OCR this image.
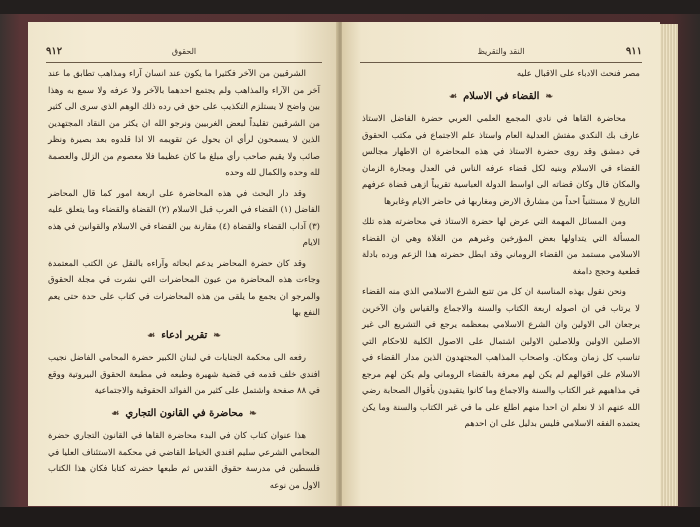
٩١٢	الحقوق

الشرقيين من الآخر فكثيرا ما يكون عند انسان آراء ومذاهب تطابق ما عند آخر من الآراء والمذاهب ولم يجتمع احدهما بالآخر ولا عرفه ولا سمع به وهذا بين واضح لا يستلزم التكذيب على حق في رده ذلك الوهم الذي سرى الى كثير من الشرقيين تقليداً لبعض الغربيين ونرجو الله ان يكثر من النقاد المجتهدين الذين لا يسمحون لرأي ان يحول عن تقويمه الا اذا قلدوه بعد بصيرة ونظر صائب ولا يقيم صاحب رأي مبلغ ما كان عظيما فلا معصوم من الزلل والعصمة لله وحده والكمال لله وحده

وقد دار البحث في هذه المحاضرة على اربعة امور كما قال المحاضر الفاضل (١) القضاء في العرب قبل الاسلام (٢) القضاة والقضاء وما يتعلق عليه (٣) آداب القضاء والقضاة (٤) مقارنة بين القضاء في الاسلام والقوانين في هذه الايام

وقد كان حضرة المحاضر يدعم ابحاثه وآراءه بالنقل عن الكتب المعتمدة وجاءت هذه المحاضرة من عيون المحاضرات التي نشرت في مجلة الحقوق والمرجو ان يجمع ما يلقى من هذه المحاضرات في كتاب على حدة حتى يعم النفع بها

❧تقرير ادعاء☙

رفعه الى محكمة الجنايات في لبنان الكبير حضرة المحامي الفاضل نجيب افندي خلف قدمه في قضية شهيرة وطبعه في مطبعة الحقوق البيروتية ووقع في ٨٨ صفحة واشتمل على كثير من الفوائد الحقوقية والاجتماعية

❧محاضرة في القانون التجاري☙

هذا عنوان كتاب كان في البدء محاضرة القاها في القانون التجاري حضرة المحامي الشرعي سليم افندي الخياط القاضي في محكمة الاستئناف العليا في فلسطين في مدرسة حقوق القدس ثم طبعها حضرته كتابا فكان هذا الكتاب الاول من نوعه

٩١١
النقد والتقريظ

مصر فنحث الادباء على الاقبال عليه

❧القضاء في الاسلام☙

محاضرة القاها في نادي المجمع العلمي العربي حضرة الفاضل الاستاذ عارف بك النكدي مفتش العدلية العام واستاذ علم الاجتماع في مكتب الحقوق في دمشق وقد روى حضرة الاستاذ في هذه المحاضرة ان الاطهار مجالس القضاء في الاسلام وبنيه لكل قضاء عرفه الناس في العدل ومجارة الزمان والمكان قال وكان قضاته الى اواسط الدولة العباسية تقريباً ازهى قضاة عرفهم التاريخ لا مستثنياً احداً من مشارق الارض ومغاربها في حاضر الايام وغابرها

ومن المسائل المهمة التي عرض لها حضرة الاستاذ في محاضرته هذه تلك المسألة التي يتداولها بعض المؤرخين وغيرهم من الغلاة وهي ان القضاء الاسلامي مستمد من القضاء الروماني وقد ابطل حضرته هذا الزعم ورده بادلة قطعية وحجج دامغة

ونحن نقول بهذه المناسبة ان كل من تتبع الشرع الاسلامي الذي منه القضاء لا يرتاب في ان اصوله اربعة الكتاب والسنة والاجماع والقياس وان الآخرين يرجعان الى الاولين وان الشرع الاسلامي بمعظمه يرجع في التشريع الى غير الاصلين الاولين وللاصلين الاولين اشتمال على الاصول الكلية للاحكام التي تناسب كل زمان ومكان. واصحاب المذاهب المجتهدون الذين مدار القضاء في الاسلام على اقوالهم لم يكن لهم معرفة بالقضاء الروماني ولم يكن لهم مرجع في مذاهبهم غير الكتاب والسنة والاجماع وما كانوا يتقيدون بأقوال الصحابة رضي الله عنهم اذ لا نعلم ان احدا منهم اطلع على ما في غير الكتاب والسنة وما يكن يعتمده الفقه الاسلامي فليس بدليل على ان احدهم
